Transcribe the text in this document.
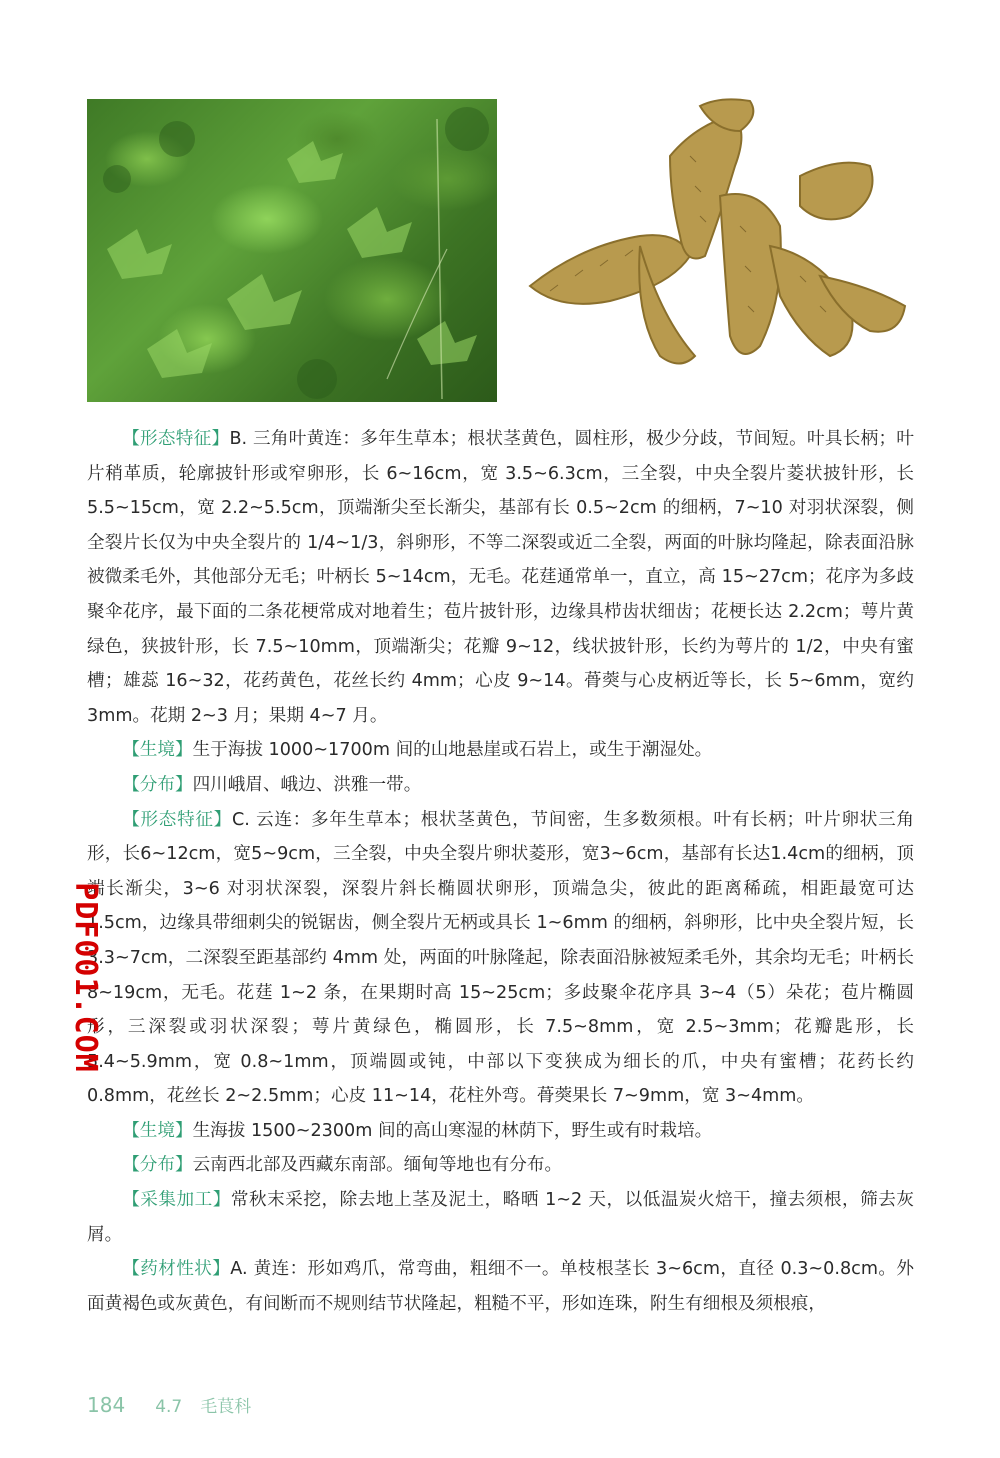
【形态特征】B. 三角叶黄连：多年生草本；根状茎黄色，圆柱形，极少分歧，节间短。叶具长柄；叶片稍革质，轮廓披针形或窄卵形，长 6~16cm，宽 3.5~6.3cm，三全裂，中央全裂片菱状披针形，长 5.5~15cm，宽 2.2~5.5cm，顶端渐尖至长渐尖，基部有长 0.5~2cm 的细柄，7~10 对羽状深裂，侧全裂片长仅为中央全裂片的 1/4~1/3，斜卵形，不等二深裂或近二全裂，两面的叶脉均隆起，除表面沿脉被微柔毛外，其他部分无毛；叶柄长 5~14cm，无毛。花莛通常单一，直立，高 15~27cm；花序为多歧聚伞花序，最下面的二条花梗常成对地着生；苞片披针形，边缘具栉齿状细齿；花梗长达 2.2cm；萼片黄绿色，狭披针形，长 7.5~10mm，顶端渐尖；花瓣 9~12，线状披针形，长约为萼片的 1/2，中央有蜜槽；雄蕊 16~32，花药黄色，花丝长约 4mm；心皮 9~14。蓇葖与心皮柄近等长，长 5~6mm，宽约 3mm。花期 2~3 月；果期 4~7 月。

【生境】生于海拔 1000~1700m 间的山地悬崖或石岩上，或生于潮湿处。

【分布】四川峨眉、峨边、洪雅一带。

【形态特征】C. 云连：多年生草本；根状茎黄色，节间密，生多数须根。叶有长柄；叶片卵状三角形，长6~12cm，宽5~9cm，三全裂，中央全裂片卵状菱形，宽3~6cm，基部有长达1.4cm的细柄，顶端长渐尖，3~6 对羽状深裂，深裂片斜长椭圆状卵形，顶端急尖，彼此的距离稀疏，相距最宽可达 1.5cm，边缘具带细刺尖的锐锯齿，侧全裂片无柄或具长 1~6mm 的细柄，斜卵形，比中央全裂片短，长 3.3~7cm，二深裂至距基部约 4mm 处，两面的叶脉隆起，除表面沿脉被短柔毛外，其余均无毛；叶柄长 8~19cm，无毛。花莛 1~2 条，在果期时高 15~25cm；多歧聚伞花序具 3~4（5）朵花；苞片椭圆形，三深裂或羽状深裂；萼片黄绿色，椭圆形，长 7.5~8mm，宽 2.5~3mm；花瓣匙形，长 5.4~5.9mm，宽 0.8~1mm，顶端圆或钝，中部以下变狭成为细长的爪，中央有蜜槽；花药长约 0.8mm，花丝长 2~2.5mm；心皮 11~14，花柱外弯。蓇葖果长 7~9mm，宽 3~4mm。

【生境】生海拔 1500~2300m 间的高山寒湿的林荫下，野生或有时栽培。

【分布】云南西北部及西藏东南部。缅甸等地也有分布。

【采集加工】常秋末采挖，除去地上茎及泥土，略晒 1~2 天，以低温炭火焙干，撞去须根，筛去灰屑。

【药材性状】A. 黄连：形如鸡爪，常弯曲，粗细不一。单枝根茎长 3~6cm，直径 0.3~0.8cm。外面黄褐色或灰黄色，有间断而不规则结节状隆起，粗糙不平，形如连珠，附生有细根及须根痕，

PDF001.COM
184 4.7 毛茛科
